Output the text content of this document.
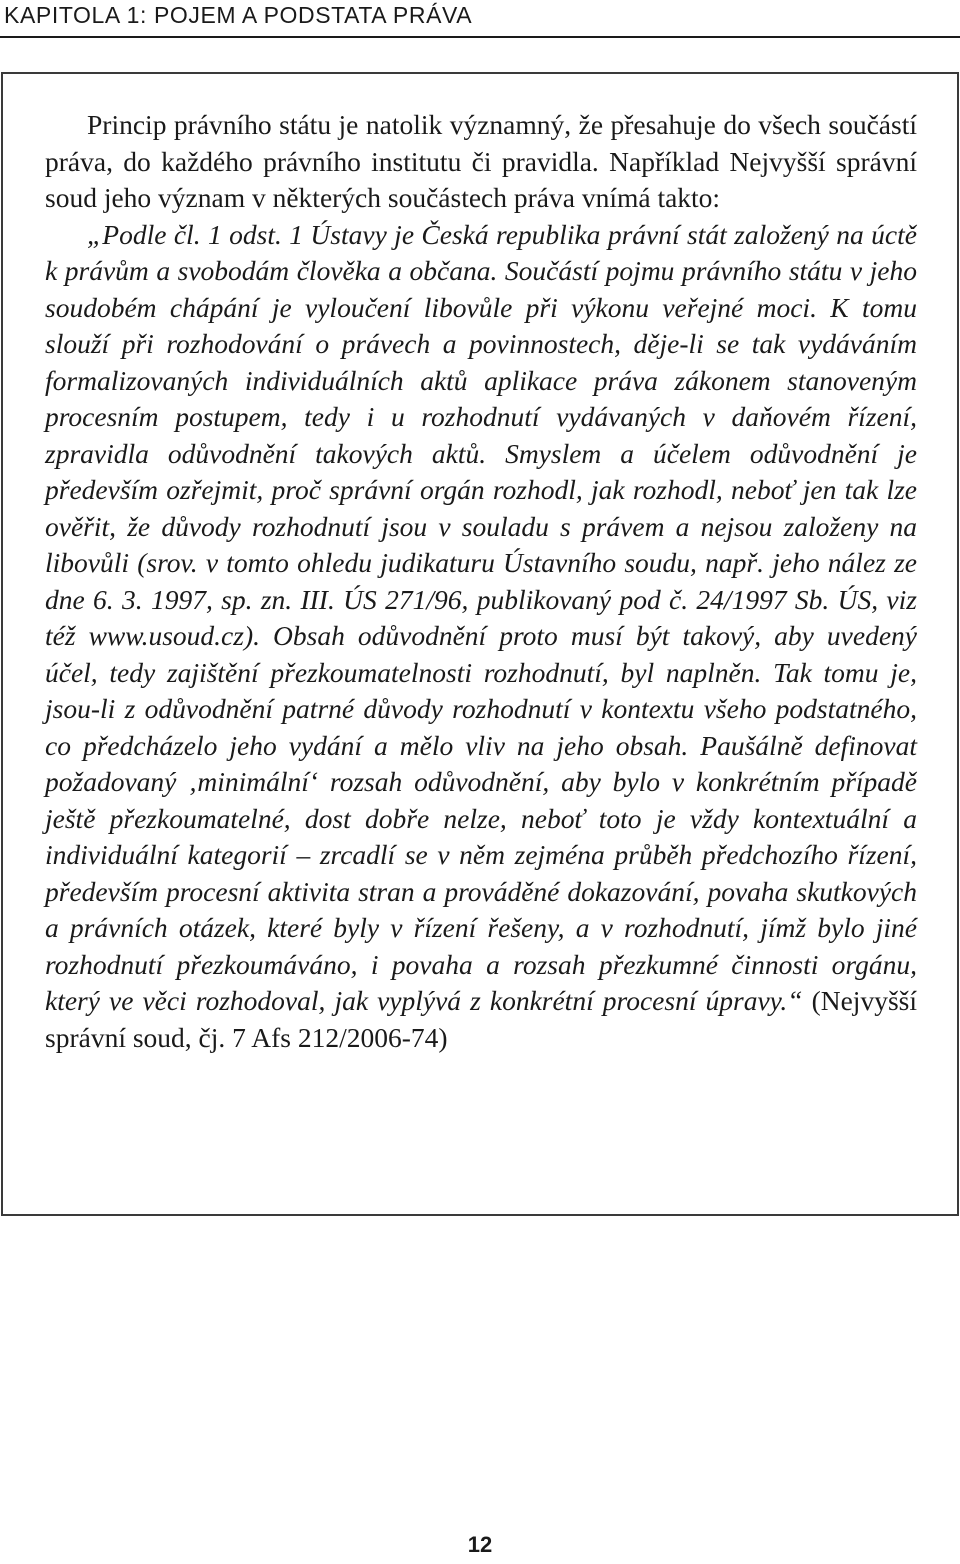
KAPITOLA 1: POJEM A PODSTATA PRÁVA

Princip právního státu je natolik významný, že přesahuje do všech součástí práva, do každého právního institutu či pravidla. Například Nejvyšší správní soud jeho význam v některých součástech práva vnímá takto:

„Podle čl. 1 odst. 1 Ústavy je Česká republika právní stát založený na úctě k právům a svobodám člověka a občana. Součástí pojmu právního státu v jeho soudobém chápání je vyloučení libovůle při výkonu veřejné moci. K tomu slouží při rozhodování o právech a povinnostech, děje-li se tak vydáváním formalizovaných individuálních aktů aplikace práva zákonem stanoveným procesním postupem, tedy i u rozhodnutí vydávaných v daňovém řízení, zpravidla odůvodnění takových aktů. Smyslem a účelem odůvodnění je především ozřejmit, proč správní orgán rozhodl, jak rozhodl, neboť jen tak lze ověřit, že důvody rozhodnutí jsou v souladu s právem a nejsou založeny na libovůli (srov. v tomto ohledu judikaturu Ústavního soudu, např. jeho nález ze dne 6. 3. 1997, sp. zn. III. ÚS 271/96, publikovaný pod č. 24/1997 Sb. ÚS, viz též www.usoud.cz). Obsah odůvodnění proto musí být takový, aby uvedený účel, tedy zajištění přezkoumatelnosti rozhodnutí, byl naplněn. Tak tomu je, jsou-li z odůvodnění patrné důvody rozhodnutí v kontextu všeho podstatného, co předcházelo jeho vydání a mělo vliv na jeho obsah. Paušálně definovat požadovaný ‚minimální‘ rozsah odůvodnění, aby bylo v konkrétním případě ještě přezkoumatelné, dost dobře nelze, neboť toto je vždy kontextuální a individuální kategorií – zrcadlí se v něm zejména průběh předchozího řízení, především procesní aktivita stran a prováděné dokazování, povaha skutkových a právních otázek, které byly v řízení řešeny, a v rozhodnutí, jímž bylo jiné rozhodnutí přezkoumáváno, i povaha a rozsah přezkumné činnosti orgánu, který ve věci rozhodoval, jak vyplývá z konkrétní procesní úpravy.“ (Nejvyšší správní soud, čj. 7 Afs 212/2006-74)

12
